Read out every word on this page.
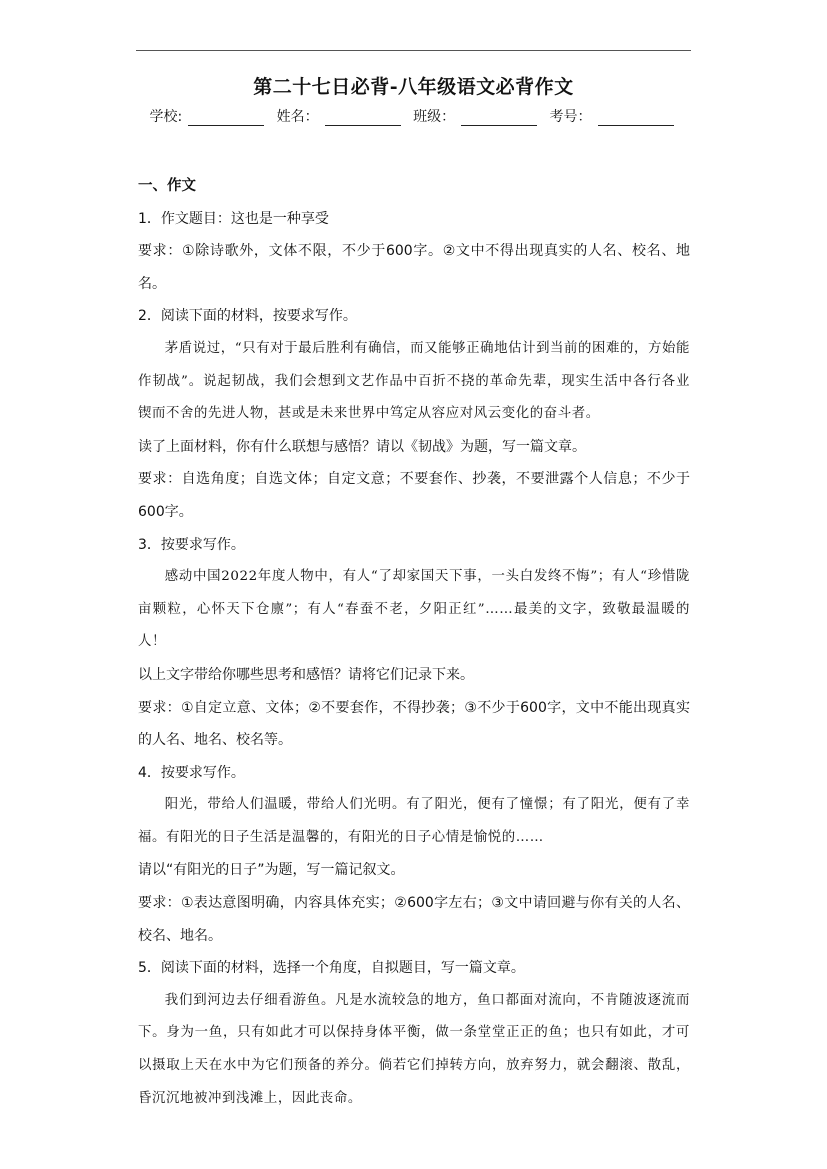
第二十七日必背-八年级语文必背作文
学校:	姓名：	班级：	考号：

一、作文

1．作文题目：这也是一种享受

要求：①除诗歌外，文体不限，不少于600字。②文中不得出现真实的人名、校名、地名。

2．阅读下面的材料，按要求写作。

茅盾说过，“只有对于最后胜利有确信，而又能够正确地估计到当前的困难的，方始能作韧战”。说起韧战，我们会想到文艺作品中百折不挠的革命先辈，现实生活中各行各业锲而不舍的先进人物，甚或是未来世界中笃定从容应对风云变化的奋斗者。

读了上面材料，你有什么联想与感悟？请以《韧战》为题，写一篇文章。

要求：自选角度；自选文体；自定文意；不要套作、抄袭，不要泄露个人信息；不少于600字。

3．按要求写作。

感动中国2022年度人物中，有人“了却家国天下事，一头白发终不悔”；有人“珍惜陇亩颗粒，心怀天下仓廪”；有人“春蚕不老，夕阳正红”……最美的文字，致敬最温暖的人！

以上文字带给你哪些思考和感悟？请将它们记录下来。

要求：①自定立意、文体；②不要套作，不得抄袭；③不少于600字，文中不能出现真实的人名、地名、校名等。

4．按要求写作。

阳光，带给人们温暖，带给人们光明。有了阳光，便有了憧憬；有了阳光，便有了幸福。有阳光的日子生活是温馨的，有阳光的日子心情是愉悦的……

请以“有阳光的日子”为题，写一篇记叙文。

要求：①表达意图明确，内容具体充实；②600字左右；③文中请回避与你有关的人名、校名、地名。

5．阅读下面的材料，选择一个角度，自拟题目，写一篇文章。

我们到河边去仔细看游鱼。凡是水流较急的地方，鱼口都面对流向，不肯随波逐流而下。身为一鱼，只有如此才可以保持身体平衡，做一条堂堂正正的鱼；也只有如此，才可以摄取上天在水中为它们预备的养分。倘若它们掉转方向，放弃努力，就会翻滚、散乱，昏沉沉地被冲到浅滩上，因此丧命。
